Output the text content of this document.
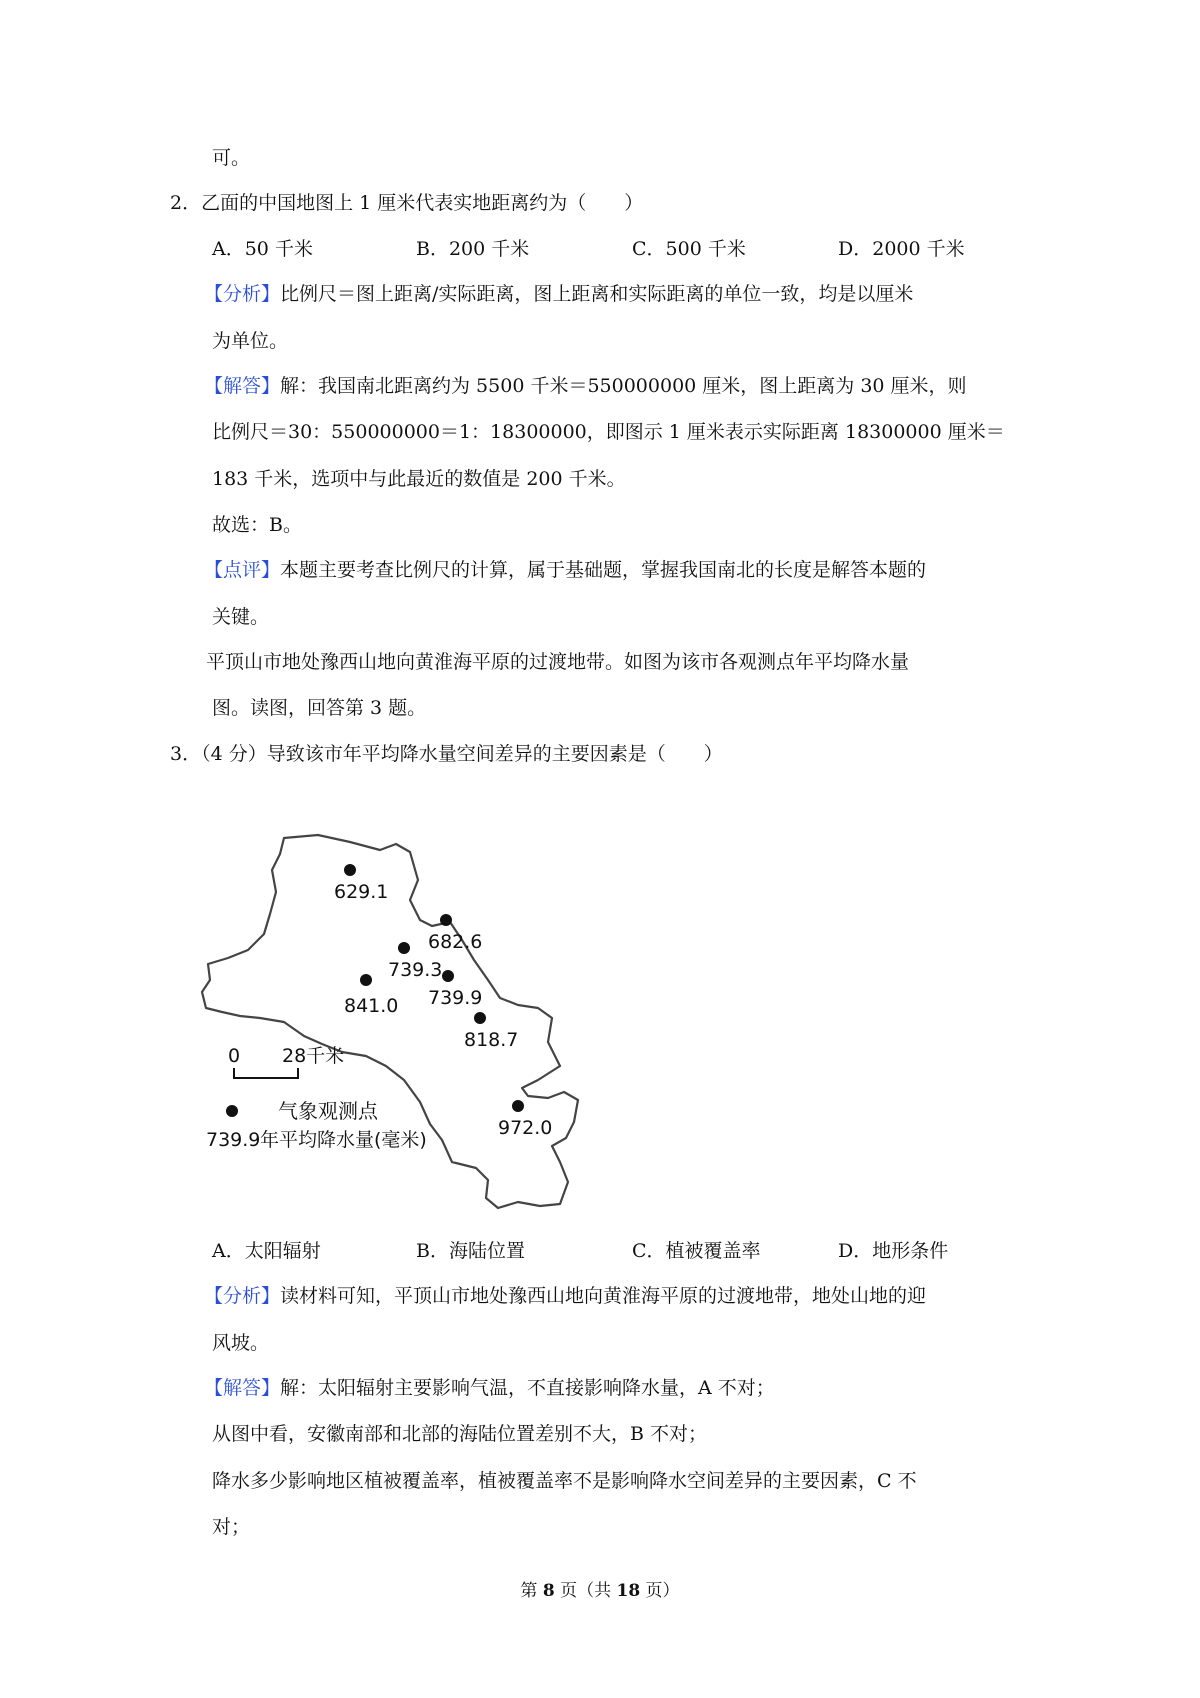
可。
2．乙面的中国地图上 1 厘米代表实地距离约为（　　）
A．50 千米	B．200 千米	C．500 千米	D．2000 千米
【分析】比例尺＝图上距离/实际距离，图上距离和实际距离的单位一致，均是以厘米
为单位。
【解答】解：我国南北距离约为 5500 千米＝550000000 厘米，图上距离为 30 厘米，则
比例尺＝30：550000000＝1：18300000，即图示 1 厘米表示实际距离 18300000 厘米＝
183 千米，选项中与此最近的数值是 200 千米。
故选：B。
【点评】本题主要考查比例尺的计算，属于基础题，掌握我国南北的长度是解答本题的
关键。
平顶山市地处豫西山地向黄淮海平原的过渡地带。如图为该市各观测点年平均降水量
图。读图，回答第 3 题。
3．（4 分）导致该市年平均降水量空间差异的主要因素是（　　）
629.1
682.6
739.3
739.9
841.0
818.7
972.0
0 28千米
气象观测点
739.9 年平均降水量(毫米)
A．太阳辐射	B．海陆位置	C．植被覆盖率	D．地形条件
【分析】读材料可知，平顶山市地处豫西山地向黄淮海平原的过渡地带，地处山地的迎
风坡。
【解答】解：太阳辐射主要影响气温，不直接影响降水量，A 不对；
从图中看，安徽南部和北部的海陆位置差别不大，B 不对；
降水多少影响地区植被覆盖率，植被覆盖率不是影响降水空间差异的主要因素，C 不
对；
第 8 页（共 18 页）
